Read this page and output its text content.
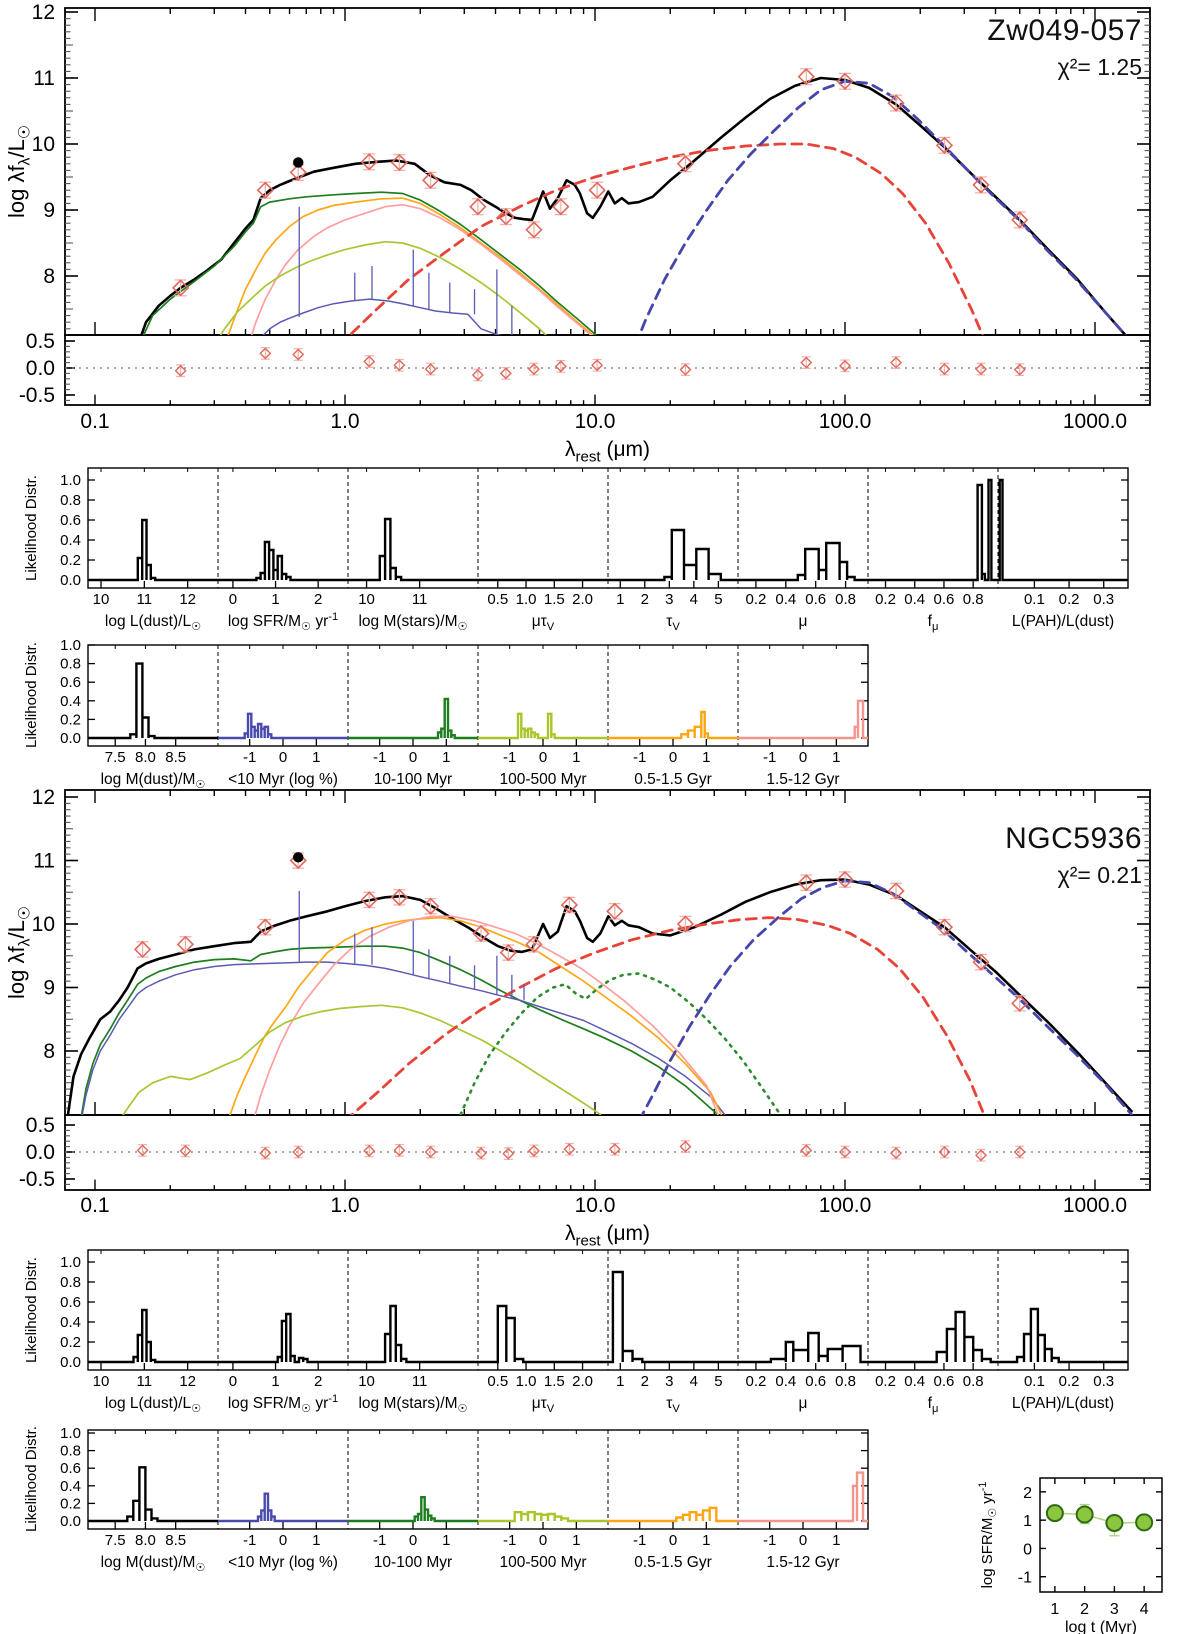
8
9
10
11
12
$\log \lambda f_\lambda/L_☉$
0.5
0.0
-0.5
0.1	1.0	10.0	100.0	1000.0
$\lambda_{rest}$ (μm)
1.0
0.8
0.6
0.4
0.2
0.0
Likelihood Distr.
10 11 12
$\log L(dust)/L_☉$
0 1 2
log SFR/$M_☉$ $yr^{-1}$
10 11
$\log M(stars)/M_☉$
0.5 1.0 1.5 2.0
$\mu\tau_V$
1 2 3 4 5
$\tau_V$
0.2 0.4 0.6 0.8
μ
0.2 0.4 0.6 0.8
$f_\mu$
0.1 0.2 0.3
L(PAH)/L(dust)
1.0
0.8
0.6
0.4
0.2
0.0
Likelihood Distr.
7.5 8.0 8.5
$\log M(dust)/M_☉$
-1 0 1
<10 Myr (log %)
-1 0 1
10-100 Myr
-1 0 1
100-500 Myr
-1 0 1
0.5-1.5 Gyr
-1 0 1
1.5-12 Gyr
8
9
10
11
12
$\log \lambda f_\lambda/L_☉$
0.5
0.0
-0.5
0.1	1.0	10.0	100.0	1000.0
$\lambda_{rest}$ (μm)
1.0
0.8
0.6
0.4
0.2
0.0
Likelihood Distr.
10 11 12
$\log L(dust)/L_☉$
0 1 2
log SFR/$M_☉$ $yr^{-1}$
10 11
$\log M(stars)/M_☉$
0.5 1.0 1.5 2.0
$\mu\tau_V$
1 2 3 4 5
$\tau_V$
0.2 0.4 0.6 0.8
μ
0.2 0.4 0.6 0.8
$f_\mu$
0.1 0.2 0.3
L(PAH)/L(dust)
1.0
0.8
0.6
0.4
0.2
0.0
Likelihood Distr.
7.5 8.0 8.5
$\log M(dust)/M_☉$
-1 0 1
<10 Myr (log %)
-1 0 1
10-100 Myr
-1 0 1
100-500 Myr
-1 0 1
0.5-1.5 Gyr
-1 0 1
1.5-12 Gyr
1 2 3 4
2
1
0
-1
log t (Myr)
log SFR/$M_☉$ $yr^{-1}$
Zw049-057
χ²= 1.25
NGC5936
χ²= 0.21
